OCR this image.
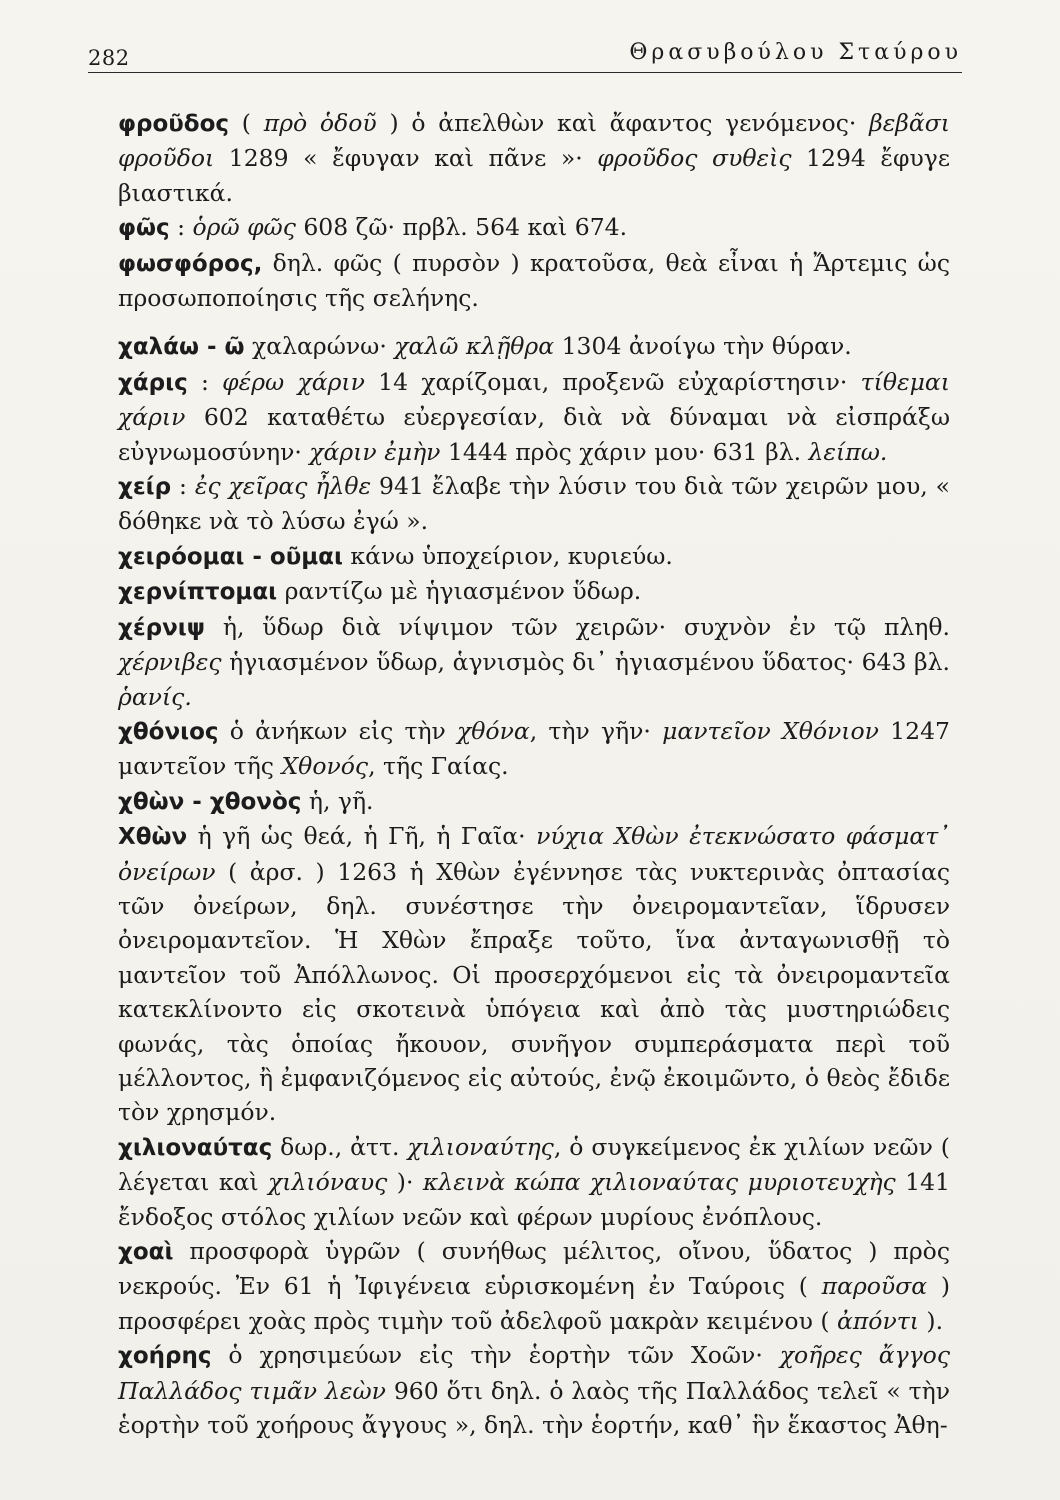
282	Θρασυβούλου Σταύρου

φροῦδος ( πρὸ ὁδοῦ ) ὁ ἀπελθὼν καὶ ἄφαντος γενόμενος· βεβᾶσι φροῦδοι 1289 « ἔφυγαν καὶ πᾶνε »· φροῦδος συθεὶς 1294 ἔφυγε βιαστικά.

φῶς : ὁρῶ φῶς 608 ζῶ· πρβλ. 564 καὶ 674.

φωσφόρος, δηλ. φῶς ( πυρσὸν ) κρατοῦσα, θεὰ εἶναι ἡ Ἄρτεμις ὡς προσωποποίησις τῆς σελήνης.

χαλάω - ῶ χαλαρώνω· χαλῶ κλῇθρα 1304 ἀνοίγω τὴν θύραν.

χάρις : φέρω χάριν 14 χαρίζομαι, προξενῶ εὐχαρίστησιν· τίθεμαι χάριν 602 καταθέτω εὐεργεσίαν, διὰ νὰ δύναμαι νὰ εἰσπράξω εὐγνωμοσύνην· χάριν ἐμὴν 1444 πρὸς χάριν μου· 631 βλ. λείπω.

χείρ : ἐς χεῖρας ἦλθε 941 ἔλαβε τὴν λύσιν του διὰ τῶν χειρῶν μου, « δόθηκε νὰ τὸ λύσω ἐγώ ».

χειρόομαι - οῦμαι κάνω ὑποχείριον, κυριεύω.

χερνίπτομαι ραντίζω μὲ ἡγιασμένον ὕδωρ.

χέρνιψ ἡ, ὕδωρ διὰ νίψιμον τῶν χειρῶν· συχνὸν ἐν τῷ πληθ. χέρνιβες ἡγιασμένον ὕδωρ, ἁγνισμὸς δι᾽ ἡγιασμένου ὕδατος· 643 βλ. ῥανίς.

χθόνιος ὁ ἀνήκων εἰς τὴν χθόνα, τὴν γῆν· μαντεῖον Χθόνιον 1247 μαντεῖον τῆς Χθονός, τῆς Γαίας.

χθὼν - χθονὸς ἡ, γῆ.

Χθὼν ἡ γῆ ὡς θεά, ἡ Γῆ, ἡ Γαῖα· νύχια Χθὼν ἐτεκνώσατο φάσματ᾽ ὀνείρων ( ἀρσ. ) 1263 ἡ Χθὼν ἐγέννησε τὰς νυκτερινὰς ὀπτασίας τῶν ὀνείρων, δηλ. συνέστησε τὴν ὀνειρομαντεῖαν, ἵδρυσεν ὀνειρομαντεῖον. Ἡ Χθὼν ἔπραξε τοῦτο, ἵνα ἀνταγωνισθῇ τὸ μαντεῖον τοῦ Ἀπόλλωνος. Οἱ προσερχόμενοι εἰς τὰ ὀνειρομαντεῖα κατεκλίνοντο εἰς σκοτεινὰ ὑπόγεια καὶ ἀπὸ τὰς μυστηριώδεις φωνάς, τὰς ὁποίας ἤκουον, συνῆγον συμπεράσματα περὶ τοῦ μέλλοντος, ἢ ἐμφανιζόμενος εἰς αὐτούς, ἐνῷ ἐκοιμῶντο, ὁ θεὸς ἔδιδε τὸν χρησμόν.

χιλιοναύτας δωρ., ἀττ. χιλιοναύτης, ὁ συγκείμενος ἐκ χιλίων νεῶν ( λέγεται καὶ χιλιόναυς )· κλεινὰ κώπα χιλιοναύτας μυριοτευχὴς 141 ἔνδοξος στόλος χιλίων νεῶν καὶ φέρων μυρίους ἐνόπλους.

χοαὶ προσφορὰ ὑγρῶν ( συνήθως μέλιτος, οἴνου, ὕδατος ) πρὸς νεκρούς. Ἐν 61 ἡ Ἰφιγένεια εὑρισκομένη ἐν Ταύροις ( παροῦσα ) προσφέρει χοὰς πρὸς τιμὴν τοῦ ἀδελφοῦ μακρὰν κειμένου ( ἀπόντι ).

χοήρης ὁ χρησιμεύων εἰς τὴν ἑορτὴν τῶν Χοῶν· χοῆρες ἄγγος Παλλάδος τιμᾶν λεὼν 960 ὅτι δηλ. ὁ λαὸς τῆς Παλλάδος τελεῖ « τὴν ἑορτὴν τοῦ χοήρους ἄγγους », δηλ. τὴν ἑορτήν, καθ᾽ ἣν ἕκαστος Ἀθη-
